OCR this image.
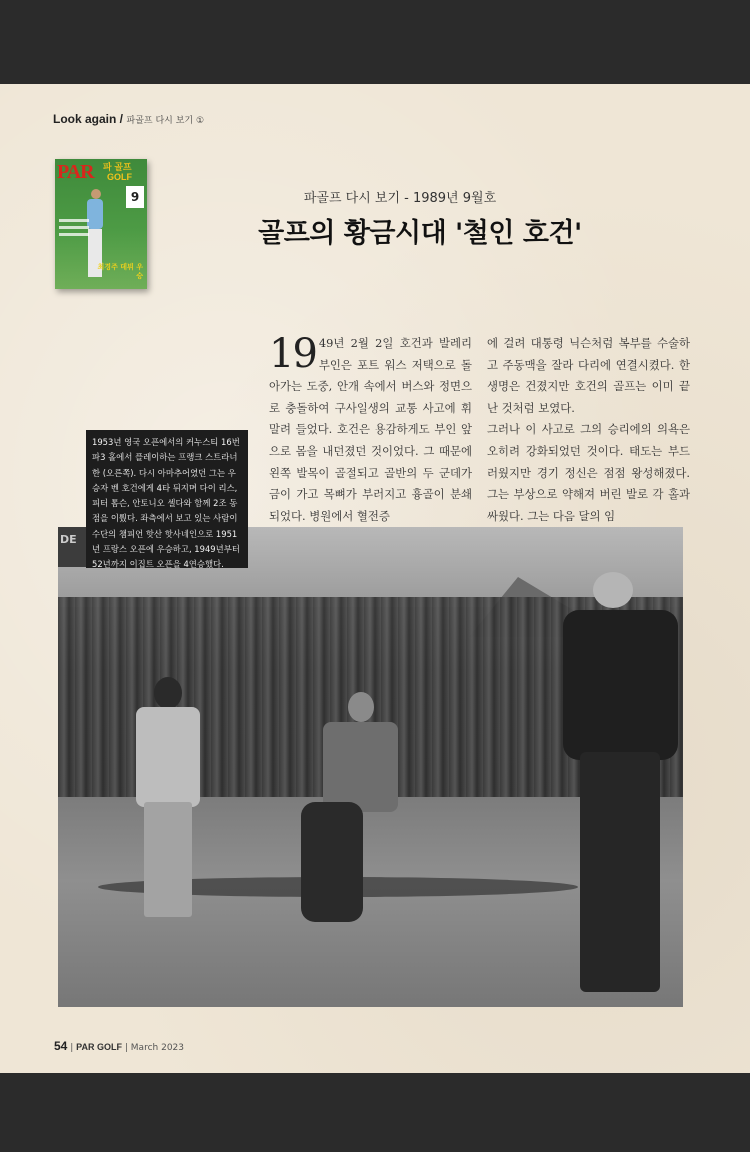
Look again / 파골프 다시 보기 ①
PAR 파 골프
GOLF
9
최경주 데뷔 우승
파골프 다시 보기 - 1989년 9월호
골프의 황금시대 '철인 호건'
19 49년 2월 2일 호건과 발레리 부인은 포트 워스 저택으로 돌아가는 도중, 안개 속에서 버스와 정면으로 충돌하여 구사일생의 교통 사고에 휘말려 들었다. 호건은 용감하게도 부인 앞으로 몸을 내던졌던 것이었다. 그 때문에 왼쪽 발목이 골절되고 골반의 두 군데가 금이 가고 목뼈가 부러지고 흉골이 분쇄되었다. 병원에서 혈전증

에 걸려 대통령 닉슨처럼 복부를 수술하고 주동맥을 잘라 다리에 연결시켰다. 한 생명은 건졌지만 호건의 골프는 이미 끝난 것처럼 보였다.

그러나 이 사고로 그의 승리에의 의욕은 오히려 강화되었던 것이다. 태도는 부드러웠지만 경기 정신은 점점 왕성해졌다. 그는 부상으로 약해져 버린 발로 각 홀과 싸웠다. 그는 다음 달의 임

DE
1953년 영국 오픈에서의 커누스티 16번 파3 홀에서 플레이하는 프랭크 스트라너한 (오른쪽). 다시 아마추어였던 그는 우승자 벤 호건에게 4타 뒤지며 다이 리스, 피터 톰슨, 안토니오 셀다와 함께 2조 동점을 이뤘다. 좌측에서 보고 있는 사람이 수단의 챔피언 핫산 핫사네인으로 1951년 프랑스 오픈에 우승하고, 1949년부터 52년까지 이집트 오픈을 4연승했다.
54 | PAR GOLF | March 2023
